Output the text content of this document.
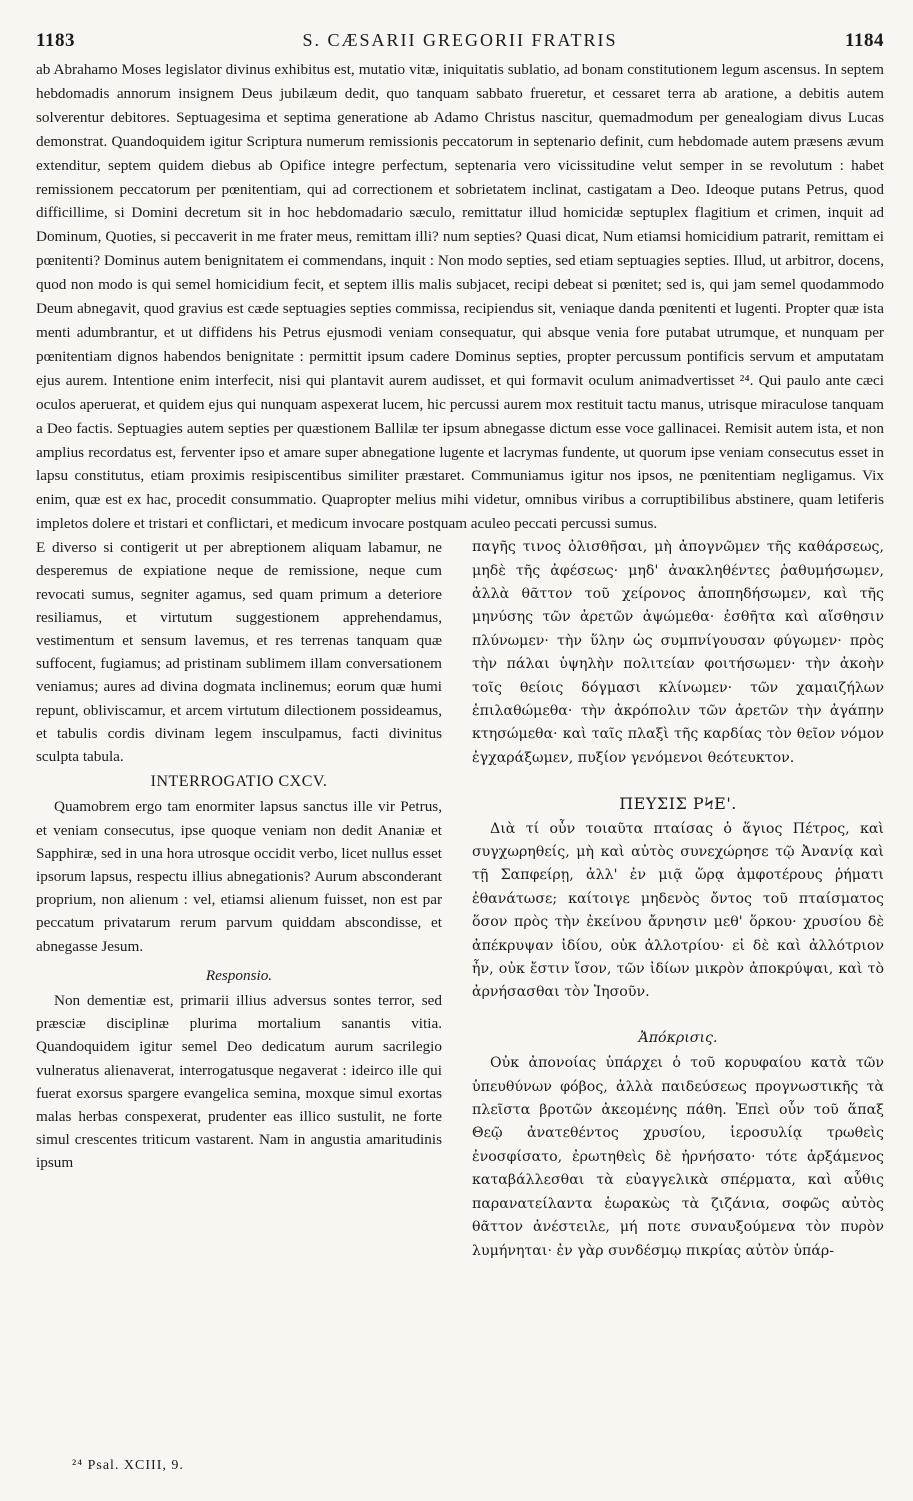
1183	S. CÆSARII GREGORII FRATRIS	1184

ab Abrahamo Moses legislator divinus exhibitus est, mutatio vitæ, iniquitatis sublatio, ad bonam constitutionem legum ascensus. In septem hebdomadis annorum insignem Deus jubilæum dedit, quo tanquam sabbato frueretur, et cessaret terra ab aratione, a debitis autem solverentur debitores. Septuagesima et septima generatione ab Adamo Christus nascitur, quemadmodum per genealogiam divus Lucas demonstrat. Quandoquidem igitur Scriptura numerum remissionis peccatorum in septenario definit, cum hebdomade autem præsens ævum extenditur, septem quidem diebus ab Opifice integre perfectum, septenaria vero vicissitudine velut semper in se revolutum : habet remissionem peccatorum per pœnitentiam, qui ad correctionem et sobrietatem inclinat, castigatam a Deo. Ideoque putans Petrus, quod difficillime, si Domini decretum sit in hoc hebdomadario sæculo, remittatur illud homicidæ septuplex flagitium et crimen, inquit ad Dominum, Quoties, si peccaverit in me frater meus, remittam illi? num septies? Quasi dicat, Num etiamsi homicidium patrarit, remittam ei pœnitenti? Dominus autem benignitatem ei commendans, inquit : Non modo septies, sed etiam septuagies septies. Illud, ut arbitror, docens, quod non modo is qui semel homicidium fecit, et septem illis malis subjacet, recipi debeat si pœnitet; sed is, qui jam semel quodammodo Deum abnegavit, quod gravius est cæde septuagies septies commissa, recipiendus sit, veniaque danda pœnitenti et lugenti. Propter quæ ista menti adumbrantur, et ut diffidens his Petrus ejusmodi veniam consequatur, qui absque venia fore putabat utrumque, et nunquam per pœnitentiam dignos habendos benignitate : permittit ipsum cadere Dominus septies, propter percussum pontificis servum et amputatam ejus aurem. Intentione enim interfecit, nisi qui plantavit aurem audisset, et qui formavit oculum animadvertisset ²⁴. Qui paulo ante cæci oculos aperuerat, et quidem ejus qui nunquam aspexerat lucem, hic percussi aurem mox restituit tactu manus, utrisque miraculose tanquam a Deo factis. Septuagies autem septies per quæstionem Ballilæ ter ipsum abnegasse dictum esse voce gallinacei. Remisit autem ista, et non amplius recordatus est, ferventer ipso et amare super abnegatione lugente et lacrymas fundente, ut quorum ipse veniam consecutus esset in lapsu constitutus, etiam proximis resipiscentibus similiter præstaret. Communiamus igitur nos ipsos, ne pœnitentiam negligamus. Vix enim, quæ est ex hac, procedit consummatio. Quapropter melius mihi videtur, omnibus viribus a corruptibilibus abstinere, quam letiferis impletos dolere et tristari et conflictari, et medicum invocare postquam aculeo peccati percussi sumus.

E diverso si contigerit ut per abreptionem aliquam labamur, ne desperemus de expiatione neque de remissione, neque cum revocati sumus, segniter agamus, sed quam primum a deteriore resiliamus, et virtutum suggestionem apprehendamus, vestimentum et sensum lavemus, et res terrenas tanquam quæ suffocent, fugiamus; ad pristinam sublimem illam conversationem veniamus; aures ad divina dogmata inclinemus; eorum quæ humi repunt, obliviscamur, et arcem virtutum dilectionem possideamus, et tabulis cordis divinam legem insculpamus, facti divinitus sculpta tabula.

INTERROGATIO CXCV.

Quamobrem ergo tam enormiter lapsus sanctus ille vir Petrus, et veniam consecutus, ipse quoque veniam non dedit Ananiæ et Sapphiræ, sed in una hora utrosque occidit verbo, licet nullus esset ipsorum lapsus, respectu illius abnegationis? Aurum absconderant proprium, non alienum : vel, etiamsi alienum fuisset, non est par peccatum privatarum rerum parvum quiddam abscondisse, et abnegasse Jesum.

Responsio.

Non dementiæ est, primarii illius adversus sontes terror, sed præsciæ disciplinæ plurima mortalium sanantis vitia. Quandoquidem igitur semel Deo dedicatum aurum sacrilegio vulneratus alienaverat, interrogatusque negaverat : ideirco ille qui fuerat exorsus spargere evangelica semina, moxque simul exortas malas herbas conspexerat, prudenter eas illico sustulit, ne forte simul crescentes triticum vastarent. Nam in angustia amaritudinis ipsum

παγῆς τινος ὀλισθῆσαι, μὴ ἀπογνῶμεν τῆς καθάρσεως, μηδὲ τῆς ἀφέσεως· μηδ' ἀνακληθέντες ῥαθυμήσωμεν, ἀλλὰ θᾶττον τοῦ χείρονος ἀποπηδήσωμεν, καὶ τῆς μηνύσης τῶν ἀρετῶν ἀψώμεθα· ἐσθῆτα καὶ αἴσθησιν πλύνωμεν· τὴν ὕλην ὡς συμπνίγουσαν φύγωμεν· πρὸς τὴν πάλαι ὑψηλὴν πολιτείαν φοιτήσωμεν· τὴν ἀκοὴν τοῖς θείοις δόγμασι κλίνωμεν· τῶν χαμαιζήλων ἐπιλαθώμεθα· τὴν ἀκρόπολιν τῶν ἀρετῶν τὴν ἀγάπην κτησώμεθα· καὶ ταῖς πλαξὶ τῆς καρδίας τὸν θεῖον νόμον ἐγχαράξωμεν, πυξίον γενόμενοι θεότευκτον.

ΠΕΥΣΙΣ ΡϞΕ'.

Διὰ τί οὖν τοιαῦτα πταίσας ὁ ἅγιος Πέτρος, καὶ συγχωρηθείς, μὴ καὶ αὐτὸς συνεχώρησε τῷ Ἀνανίᾳ καὶ τῇ Σαπφείρῃ, ἀλλ' ἐν μιᾷ ὥρᾳ ἀμφοτέρους ῥήματι ἐθανάτωσε; καίτοιγε μηδενὸς ὄντος τοῦ πταίσματος ὅσον πρὸς τὴν ἐκείνου ἄρνησιν μεθ' ὅρκου· χρυσίου δὲ ἀπέκρυψαν ἰδίου, οὐκ ἀλλοτρίου· εἰ δὲ καὶ ἀλλότριον ἦν, οὐκ ἔστιν ἴσον, τῶν ἰδίων μικρὸν ἀποκρύψαι, καὶ τὸ ἀρνήσασθαι τὸν Ἰησοῦν.

Ἀπόκρισις.

Οὐκ ἀπονοίας ὑπάρχει ὁ τοῦ κορυφαίου κατὰ τῶν ὑπευθύνων φόβος, ἀλλὰ παιδεύσεως προγνωστικῆς τὰ πλεῖστα βροτῶν ἀκεομένης πάθη. Ἐπεὶ οὖν τοῦ ἅπαξ Θεῷ ἀνατεθέντος χρυσίου, ἱεροσυλίᾳ τρωθεὶς ἐνοσφίσατο, ἐρωτηθεὶς δὲ ἠρνήσατο· τότε ἀρξάμενος καταβάλλεσθαι τὰ εὐαγγελικὰ σπέρματα, καὶ αὖθις παρανατείλαντα ἑωρακὼς τὰ ζιζάνια, σοφῶς αὐτὸς θᾶττον ἀνέστειλε, μή ποτε συναυξούμενα τὸν πυρὸν λυμήνηται· ἐν γὰρ συνδέσμῳ πικρίας αὐτὸν ὑπάρ-

²⁴ Psal. XCIII, 9.
